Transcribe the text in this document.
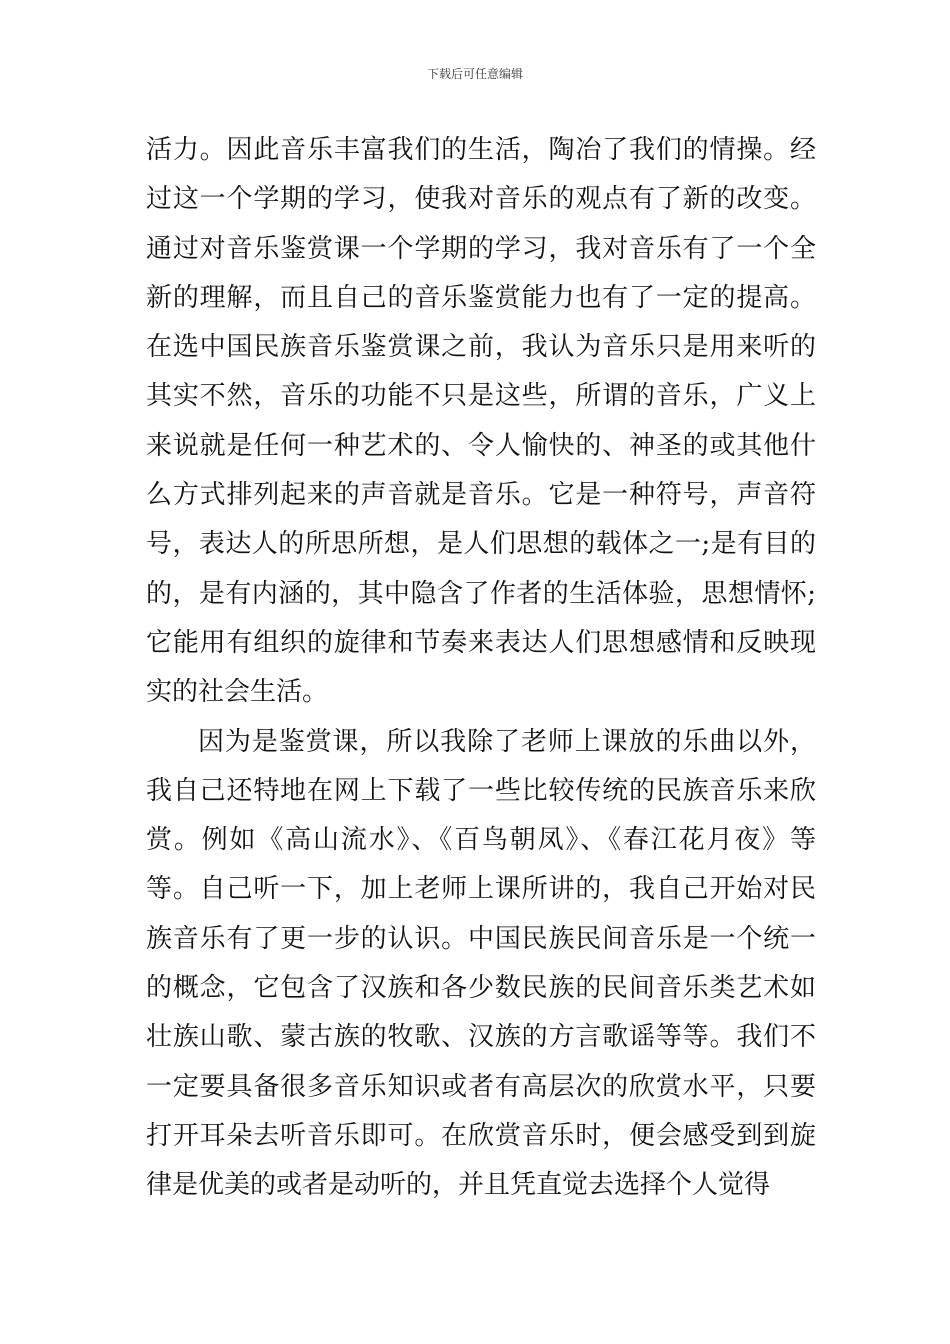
下载后可任意编辑

活力。因此音乐丰富我们的生活，陶冶了我们的情操。经过这一个学期的学习，使我对音乐的观点有了新的改变。通过对音乐鉴赏课一个学期的学习，我对音乐有了一个全新的理解，而且自己的音乐鉴赏能力也有了一定的提高。在选中国民族音乐鉴赏课之前，我认为音乐只是用来听的其实不然，音乐的功能不只是这些，所谓的音乐，广义上来说就是任何一种艺术的、令人愉快的、神圣的或其他什么方式排列起来的声音就是音乐。它是一种符号，声音符号，表达人的所思所想，是人们思想的载体之一;是有目的的，是有内涵的，其中隐含了作者的生活体验，思想情怀;它能用有组织的旋律和节奏来表达人们思想感情和反映现实的社会生活。

因为是鉴赏课，所以我除了老师上课放的乐曲以外，我自己还特地在网上下载了一些比较传统的民族音乐来欣赏。例如《高山流水》、《百鸟朝凤》、《春江花月夜》等等。自己听一下，加上老师上课所讲的，我自己开始对民族音乐有了更一步的认识。中国民族民间音乐是一个统一的概念，它包含了汉族和各少数民族的民间音乐类艺术如壮族山歌、蒙古族的牧歌、汉族的方言歌谣等等。我们不一定要具备很多音乐知识或者有高层次的欣赏水平，只要打开耳朵去听音乐即可。在欣赏音乐时，便会感受到到旋律是优美的或者是动听的，并且凭直觉去选择个人觉得
